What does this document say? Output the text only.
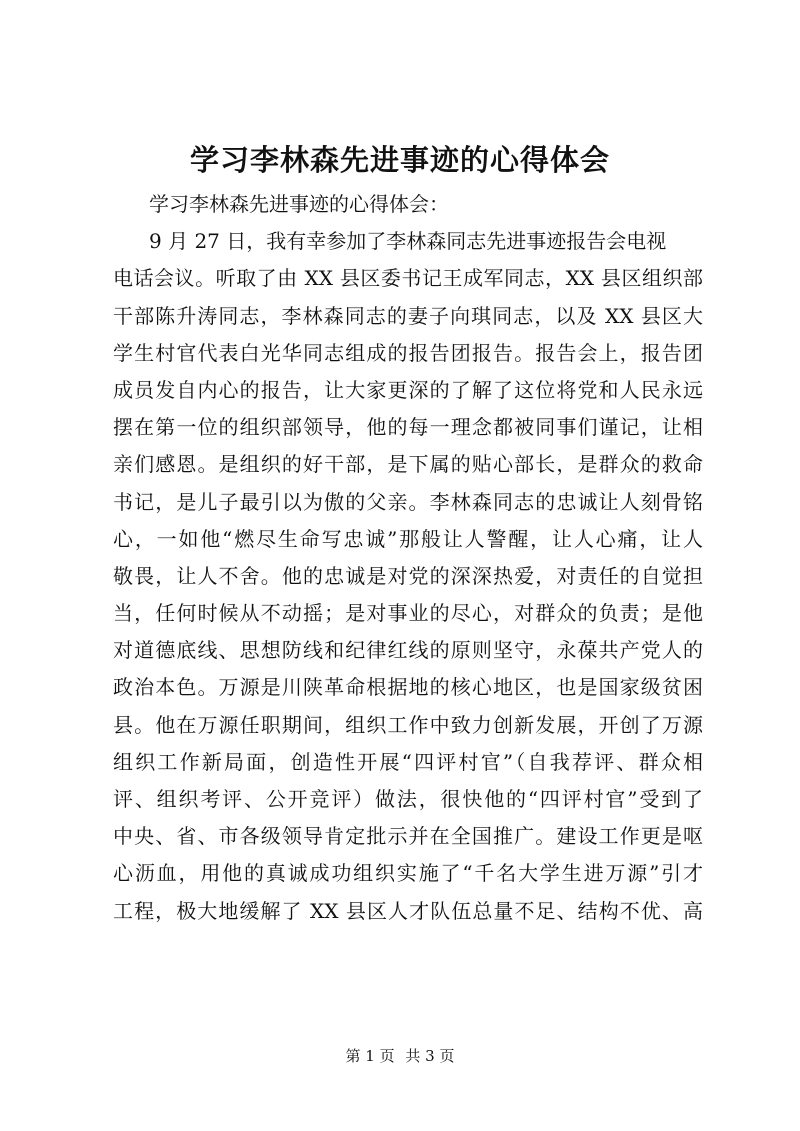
学习李林森先进事迹的心得体会
学习李林森先进事迹的心得体会：
9 月 27 日，我有幸参加了李林森同志先进事迹报告会电视
电话会议。听取了由 XX 县区委书记王成军同志，XX 县区组织部
干部陈升涛同志，李林森同志的妻子向琪同志，以及 XX 县区大
学生村官代表白光华同志组成的报告团报告。报告会上，报告团
成员发自内心的报告，让大家更深的了解了这位将党和人民永远
摆在第一位的组织部领导，他的每一理念都被同事们谨记，让相
亲们感恩。是组织的好干部，是下属的贴心部长，是群众的救命
书记，是儿子最引以为傲的父亲。李林森同志的忠诚让人刻骨铭
心，一如他“燃尽生命写忠诚”那般让人警醒，让人心痛，让人
敬畏，让人不舍。他的忠诚是对党的深深热爱，对责任的自觉担
当，任何时候从不动摇；是对事业的尽心，对群众的负责；是他
对道德底线、思想防线和纪律红线的原则坚守，永葆共产党人的
政治本色。万源是川陕革命根据地的核心地区，也是国家级贫困
县。他在万源任职期间，组织工作中致力创新发展，开创了万源
组织工作新局面，创造性开展“四评村官”（自我荐评、群众相
评、组织考评、公开竞评）做法，很快他的“四评村官”受到了
中央、省、市各级领导肯定批示并在全国推广。建设工作更是呕
心沥血，用他的真诚成功组织实施了“千名大学生进万源”引才
工程，极大地缓解了 XX 县区人才队伍总量不足、结构不优、高
第 1 页 共 3 页
